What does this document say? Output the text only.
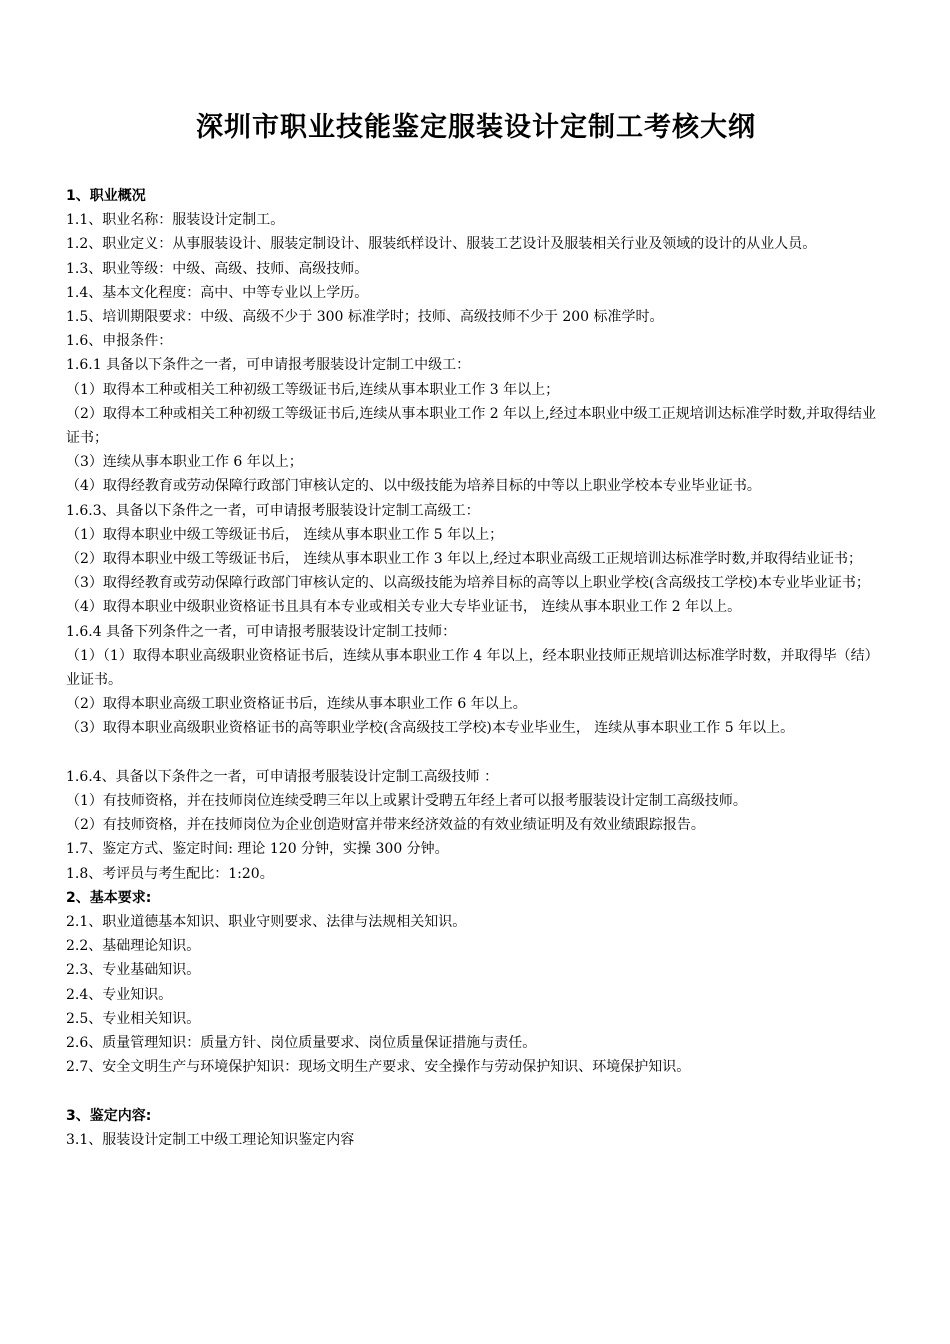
深圳市职业技能鉴定服装设计定制工考核大纲
1、职业概况
1.1、职业名称：服装设计定制工。
1.2、职业定义：从事服装设计、服装定制设计、服装纸样设计、服装工艺设计及服装相关行业及领域的设计的从业人员。
1.3、职业等级：中级、高级、技师、高级技师。
1.4、基本文化程度：高中、中等专业以上学历。
1.5、培训期限要求：中级、高级不少于 300 标准学时；技师、高级技师不少于 200 标准学时。
1.6、申报条件：
1.6.1 具备以下条件之一者，可申请报考服装设计定制工中级工：
（1）取得本工种或相关工种初级工等级证书后,连续从事本职业工作 3 年以上；
（2）取得本工种或相关工种初级工等级证书后,连续从事本职业工作 2 年以上,经过本职业中级工正规培训达标准学时数,并取得结业证书；
（3）连续从事本职业工作 6 年以上；
（4）取得经教育或劳动保障行政部门审核认定的、以中级技能为培养目标的中等以上职业学校本专业毕业证书。
1.6.3、具备以下条件之一者，可申请报考服装设计定制工高级工：
（1）取得本职业中级工等级证书后， 连续从事本职业工作 5 年以上；
（2）取得本职业中级工等级证书后， 连续从事本职业工作 3 年以上,经过本职业高级工正规培训达标准学时数,并取得结业证书；
（3）取得经教育或劳动保障行政部门审核认定的、以高级技能为培养目标的高等以上职业学校(含高级技工学校)本专业毕业证书；
（4）取得本职业中级职业资格证书且具有本专业或相关专业大专毕业证书， 连续从事本职业工作 2 年以上。
1.6.4 具备下列条件之一者，可申请报考服装设计定制工技师：
（1）（1）取得本职业高级职业资格证书后，连续从事本职业工作 4 年以上，经本职业技师正规培训达标准学时数，并取得毕（结）业证书。
（2）取得本职业高级工职业资格证书后，连续从事本职业工作 6 年以上。
（3）取得本职业高级职业资格证书的高等职业学校(含高级技工学校)本专业毕业生， 连续从事本职业工作 5 年以上。
1.6.4、具备以下条件之一者，可申请报考服装设计定制工高级技师 ：
（1）有技师资格，并在技师岗位连续受聘三年以上或累计受聘五年经上者可以报考服装设计定制工高级技师。
（2）有技师资格，并在技师岗位为企业创造财富并带来经济效益的有效业绩证明及有效业绩跟踪报告。
1.7、鉴定方式、鉴定时间: 理论 120 分钟，实操 300 分钟。
1.8、考评员与考生配比：1:20。
2、基本要求:
2.1、职业道德基本知识、职业守则要求、法律与法规相关知识。
2.2、基础理论知识。
2.3、专业基础知识。
2.4、专业知识。
2.5、专业相关知识。
2.6、质量管理知识：质量方针、岗位质量要求、岗位质量保证措施与责任。
2.7、安全文明生产与环境保护知识：现场文明生产要求、安全操作与劳动保护知识、环境保护知识。
3、鉴定内容:
3.1、服装设计定制工中级工理论知识鉴定内容
